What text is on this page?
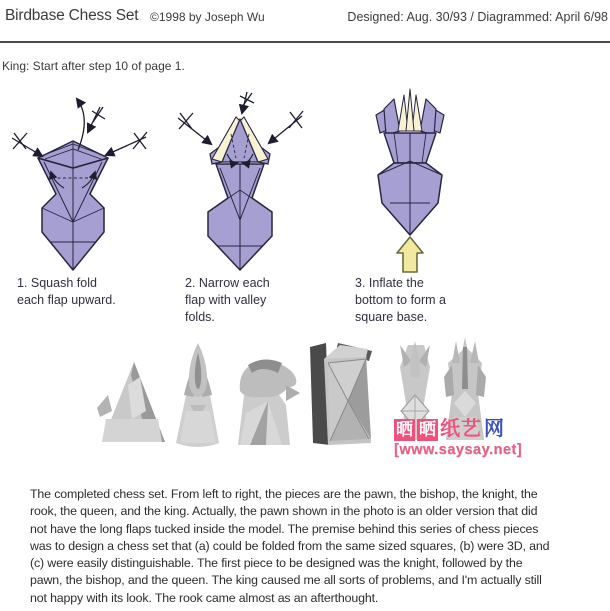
Birdbase Chess Set ©1998 by Joseph Wu	Designed: Aug. 30/93 / Diagrammed: April 6/98
King: Start after step 10 of page 1.
1. Squash fold
each flap upward.
2. Narrow each
flap with valley
folds.
3. Inflate the
bottom to form a
square base.
晒 晒 纸艺 网
[www.saysay.net]
The completed chess set. From left to right, the pieces are the pawn, the bishop, the knight, the
rook, the queen, and the king. Actually, the pawn shown in the photo is an older version that did
not have the long flaps tucked inside the model. The premise behind this series of chess pieces
was to design a chess set that (a) could be folded from the same sized squares, (b) were 3D, and
(c) were easily distinguishable. The first piece to be designed was the knight, followed by the
pawn, the bishop, and the queen. The king caused me all sorts of problems, and I'm actually still
not happy with its look. The rook came almost as an afterthought.
